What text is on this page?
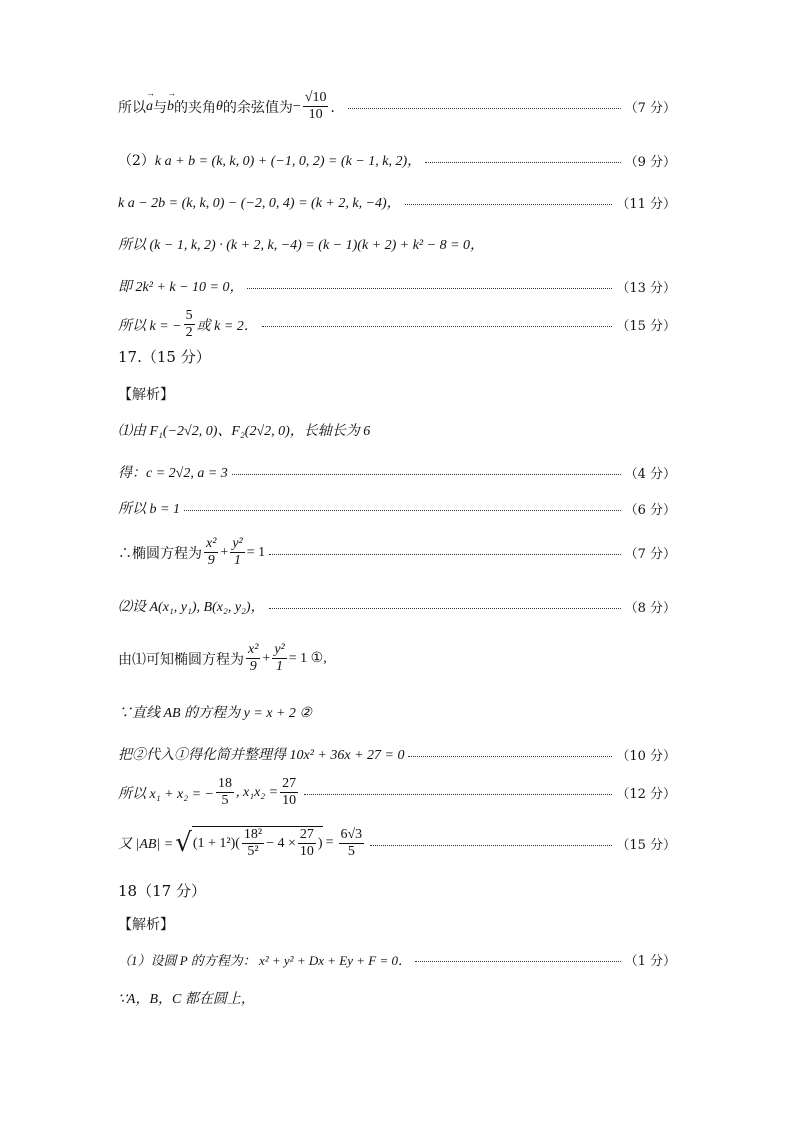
所以 → a 与 → b 的夹角 θ 的余弦值为 − $\frac{√10}{10}$ ．	（7 分）
（2） k a + b = (k, k, 0) + (−1, 0, 2) = (k − 1, k, 2)，	（9 分）
k a − 2b = (k, k, 0) − (−2, 0, 4) = (k + 2, k, −4)，	（11 分）
所以 (k − 1, k, 2) · (k + 2, k, −4) = (k − 1)(k + 2) + k² − 8 = 0，
即 2k² + k − 10 = 0，	（13 分）
所以 k = − $\frac{5}{2}$ 或 k = 2．	（15 分）
17.（15 分）
【解析】
⑴由 F₁(−2√2, 0)、F₂(2√2, 0)，长轴长为 6
得：c = 2√2, a = 3	（4 分）
所以 b = 1	（6 分）
∴椭圆方程为 $\frac{\text{x²}}{9} + \frac{\text{y²}}{1} = 1$	（7 分）
⑵设 A(x₁, y₁), B(x₂, y₂)，	（8 分）
由⑴可知椭圆方程为 $\frac{\text{x²}}{9} + \frac{\text{y²}}{1} = 1$ ①,
∵直线 AB 的方程为 y = x + 2 ②
把②代入①得化简并整理得 10x² + 36x + 27 = 0	（10 分）
所以 x₁ + x₂ = − $\frac{18}{5}$ , $x_1x_2 = \frac{27}{10}$	（12 分）
又 |AB| = √ $(1 + 1^2)( \frac{\text{18²}}{\text{5²}} - 4 \times \frac{27}{10}$ ) = $\frac{6√3}{5}$	（15 分）
18（17 分）
【解析】
（1）设圆 P 的方程为： x² + y² + Dx + Ey + F = 0．	（1 分）
∵A，B，C 都在圆上，
